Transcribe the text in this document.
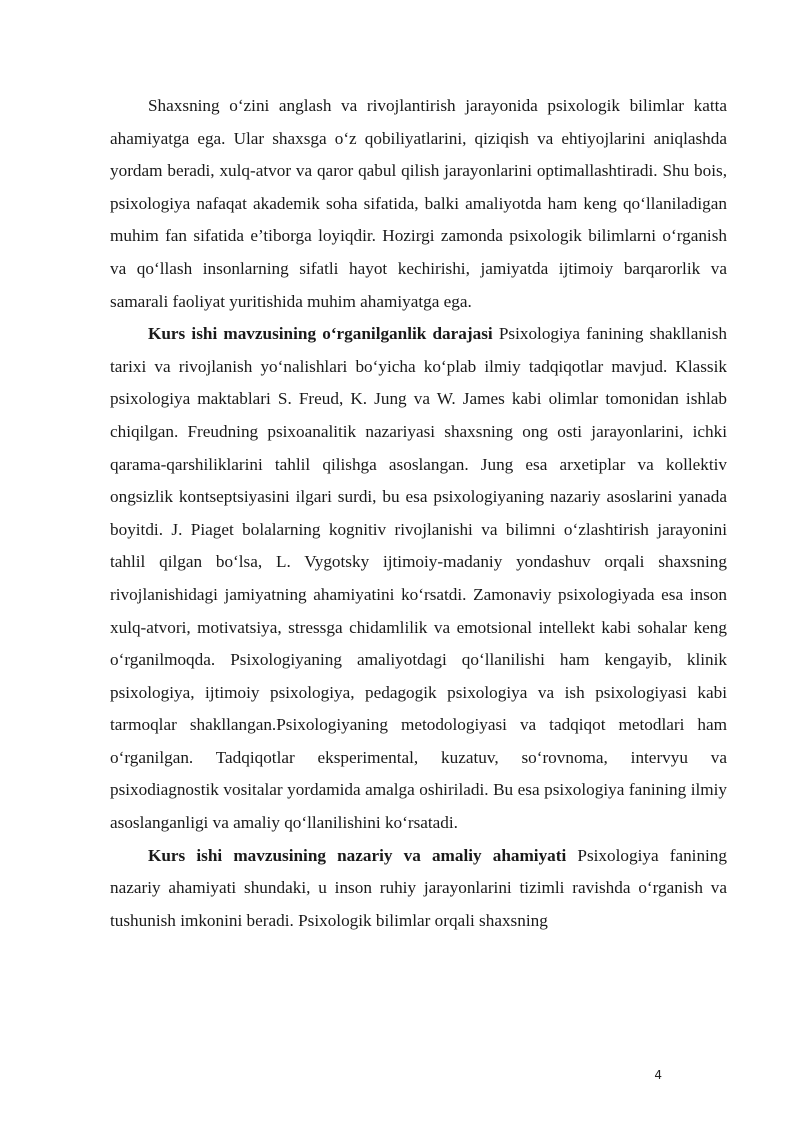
Shaxsning o‘zini anglash va rivojlantirish jarayonida psixologik bilimlar katta ahamiyatga ega. Ular shaxsga o‘z qobiliyatlarini, qiziqish va ehtiyojlarini aniqlashda yordam beradi, xulq-atvor va qaror qabul qilish jarayonlarini optimallashtiradi. Shu bois, psixologiya nafaqat akademik soha sifatida, balki amaliyotda ham keng qo‘llaniladigan muhim fan sifatida e’tiborga loyiqdir. Hozirgi zamonda psixologik bilimlarni o‘rganish va qo‘llash insonlarning sifatli hayot kechirishi, jamiyatda ijtimoiy barqarorlik va samarali faoliyat yuritishida muhim ahamiyatga ega.

Kurs ishi mavzusining o‘rganilganlik darajasi Psixologiya fanining shakllanish tarixi va rivojlanish yo‘nalishlari bo‘yicha ko‘plab ilmiy tadqiqotlar mavjud. Klassik psixologiya maktablari S. Freud, K. Jung va W. James kabi olimlar tomonidan ishlab chiqilgan. Freudning psixoanalitik nazariyasi shaxsning ong osti jarayonlarini, ichki qarama-qarshiliklarini tahlil qilishga asoslangan. Jung esa arxetiplar va kollektiv ongsizlik kontseptsiyasini ilgari surdi, bu esa psixologiyaning nazariy asoslarini yanada boyitdi. J. Piaget bolalarning kognitiv rivojlanishi va bilimni o‘zlashtirish jarayonini tahlil qilgan bo‘lsa, L. Vygotsky ijtimoiy-madaniy yondashuv orqali shaxsning rivojlanishidagi jamiyatning ahamiyatini ko‘rsatdi. Zamonaviy psixologiyada esa inson xulq-atvori, motivatsiya, stressga chidamlilik va emotsional intellekt kabi sohalar keng o‘rganilmoqda. Psixologiyaning amaliyotdagi qo‘llanilishi ham kengayib, klinik psixologiya, ijtimoiy psixologiya, pedagogik psixologiya va ish psixologiyasi kabi tarmoqlar shakllangan.Psixologiyaning metodologiyasi va tadqiqot metodlari ham o‘rganilgan. Tadqiqotlar eksperimental, kuzatuv, so‘rovnoma, intervyu va psixodiagnostik vositalar yordamida amalga oshiriladi. Bu esa psixologiya fanining ilmiy asoslanganligi va amaliy qo‘llanilishini ko‘rsatadi.

Kurs ishi mavzusining nazariy va amaliy ahamiyati Psixologiya fanining nazariy ahamiyati shundaki, u inson ruhiy jarayonlarini tizimli ravishda o‘rganish va tushunish imkonini beradi. Psixologik bilimlar orqali shaxsning

4
